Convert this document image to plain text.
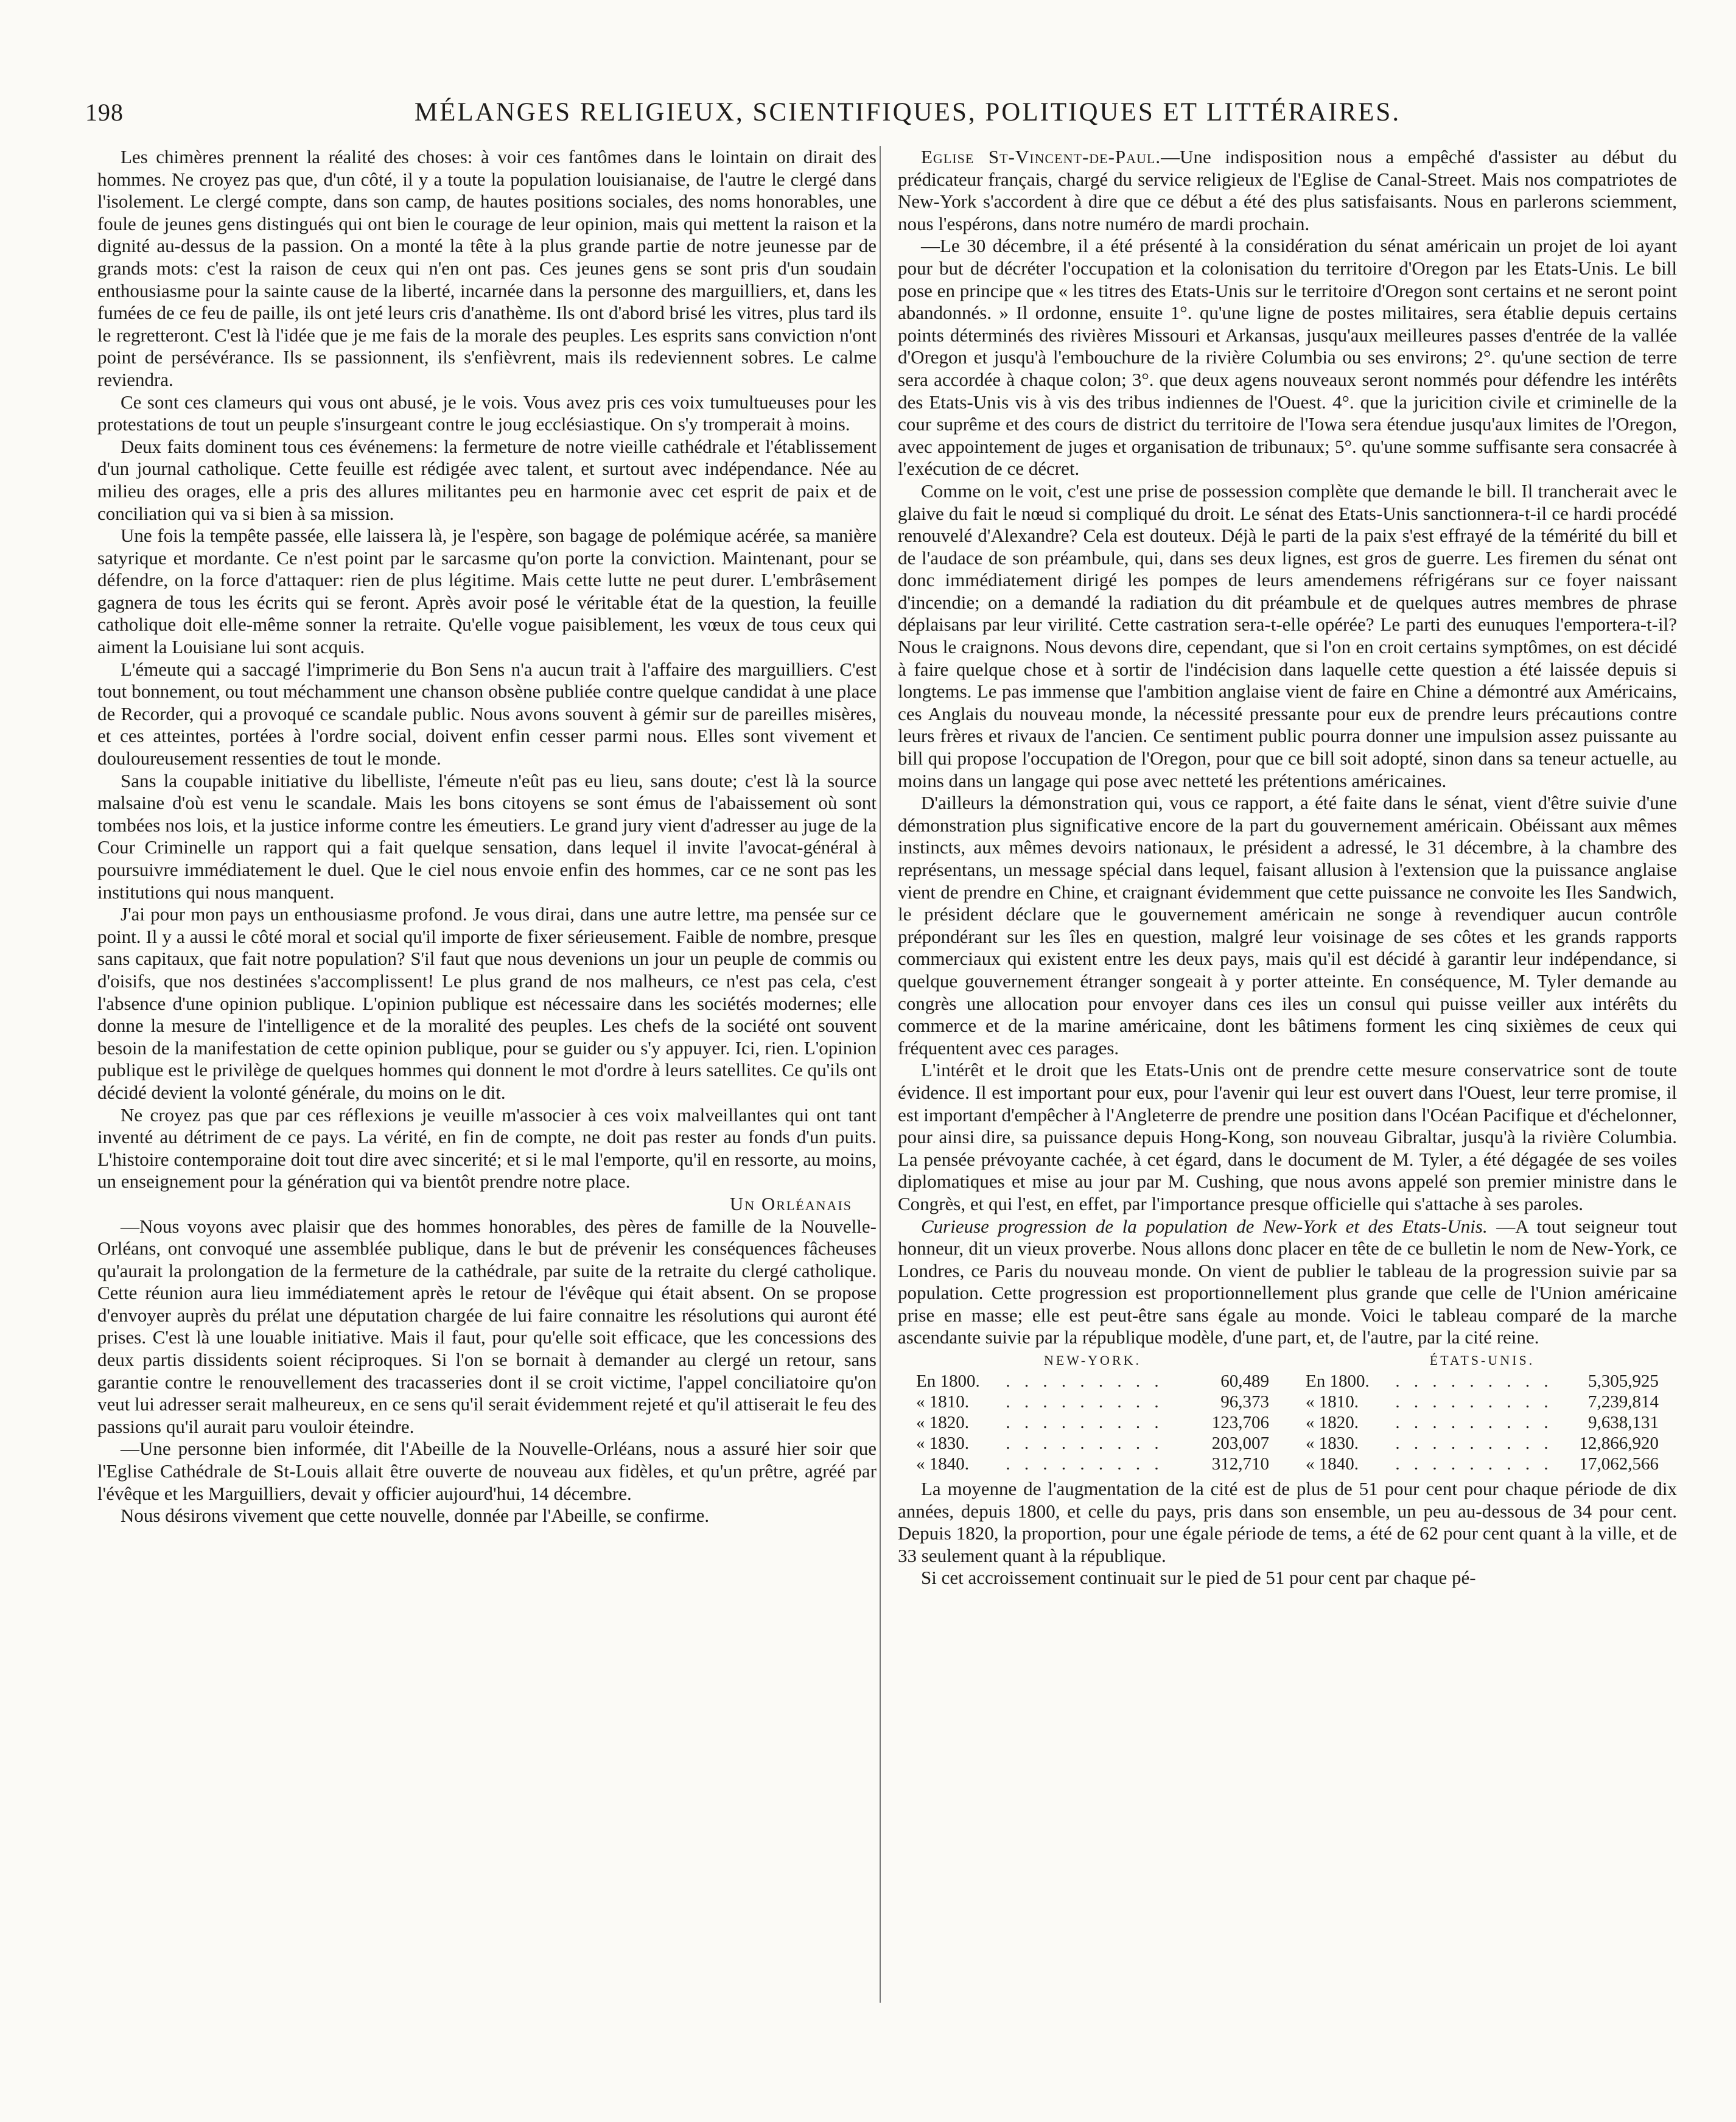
198	MÉLANGES RELIGIEUX, SCIENTIFIQUES, POLITIQUES ET LITTÉRAIRES.

Les chimères prennent la réalité des choses: à voir ces fantômes dans le lointain on dirait des hommes. Ne croyez pas que, d'un côté, il y a toute la population louisianaise, de l'autre le clergé dans l'isolement. Le clergé compte, dans son camp, de hautes positions sociales, des noms honorables, une foule de jeunes gens distingués qui ont bien le courage de leur opinion, mais qui mettent la raison et la dignité au-dessus de la passion. On a monté la tête à la plus grande partie de notre jeunesse par de grands mots: c'est la raison de ceux qui n'en ont pas. Ces jeunes gens se sont pris d'un soudain enthousiasme pour la sainte cause de la liberté, incarnée dans la personne des marguilliers, et, dans les fumées de ce feu de paille, ils ont jeté leurs cris d'anathème. Ils ont d'abord brisé les vitres, plus tard ils le regretteront. C'est là l'idée que je me fais de la morale des peuples. Les esprits sans conviction n'ont point de persévérance. Ils se passionnent, ils s'enfièvrent, mais ils redeviennent sobres. Le calme reviendra.

Ce sont ces clameurs qui vous ont abusé, je le vois. Vous avez pris ces voix tumultueuses pour les protestations de tout un peuple s'insurgeant contre le joug ecclésiastique. On s'y tromperait à moins.

Deux faits dominent tous ces événemens: la fermeture de notre vieille cathédrale et l'établissement d'un journal catholique. Cette feuille est rédigée avec talent, et surtout avec indépendance. Née au milieu des orages, elle a pris des allures militantes peu en harmonie avec cet esprit de paix et de conciliation qui va si bien à sa mission.

Une fois la tempête passée, elle laissera là, je l'espère, son bagage de polémique acérée, sa manière satyrique et mordante. Ce n'est point par le sarcasme qu'on porte la conviction. Maintenant, pour se défendre, on la force d'attaquer: rien de plus légitime. Mais cette lutte ne peut durer. L'embrâsement gagnera de tous les écrits qui se feront. Après avoir posé le véritable état de la question, la feuille catholique doit elle-même sonner la retraite. Qu'elle vogue paisiblement, les vœux de tous ceux qui aiment la Louisiane lui sont acquis.

L'émeute qui a saccagé l'imprimerie du Bon Sens n'a aucun trait à l'affaire des marguilliers. C'est tout bonnement, ou tout méchamment une chanson obsène publiée contre quelque candidat à une place de Recorder, qui a provoqué ce scandale public. Nous avons souvent à gémir sur de pareilles misères, et ces atteintes, portées à l'ordre social, doivent enfin cesser parmi nous. Elles sont vivement et douloureusement ressenties de tout le monde.

Sans la coupable initiative du libelliste, l'émeute n'eût pas eu lieu, sans doute; c'est là la source malsaine d'où est venu le scandale. Mais les bons citoyens se sont émus de l'abaissement où sont tombées nos lois, et la justice informe contre les émeutiers. Le grand jury vient d'adresser au juge de la Cour Criminelle un rapport qui a fait quelque sensation, dans lequel il invite l'avocat-général à poursuivre immédiatement le duel. Que le ciel nous envoie enfin des hommes, car ce ne sont pas les institutions qui nous manquent.

J'ai pour mon pays un enthousiasme profond. Je vous dirai, dans une autre lettre, ma pensée sur ce point. Il y a aussi le côté moral et social qu'il importe de fixer sérieusement. Faible de nombre, presque sans capitaux, que fait notre population? S'il faut que nous devenions un jour un peuple de commis ou d'oisifs, que nos destinées s'accomplissent! Le plus grand de nos malheurs, ce n'est pas cela, c'est l'absence d'une opinion publique. L'opinion publique est nécessaire dans les sociétés modernes; elle donne la mesure de l'intelligence et de la moralité des peuples. Les chefs de la société ont souvent besoin de la manifestation de cette opinion publique, pour se guider ou s'y appuyer. Ici, rien. L'opinion publique est le privilège de quelques hommes qui donnent le mot d'ordre à leurs satellites. Ce qu'ils ont décidé devient la volonté générale, du moins on le dit.

Ne croyez pas que par ces réflexions je veuille m'associer à ces voix malveillantes qui ont tant inventé au détriment de ce pays. La vérité, en fin de compte, ne doit pas rester au fonds d'un puits. L'histoire contemporaine doit tout dire avec sincerité; et si le mal l'emporte, qu'il en ressorte, au moins, un enseignement pour la génération qui va bientôt prendre notre place.

Un Orléanais

—Nous voyons avec plaisir que des hommes honorables, des pères de famille de la Nouvelle-Orléans, ont convoqué une assemblée publique, dans le but de prévenir les conséquences fâcheuses qu'aurait la prolongation de la fermeture de la cathédrale, par suite de la retraite du clergé catholique. Cette réunion aura lieu immédiatement après le retour de l'évêque qui était absent. On se propose d'envoyer auprès du prélat une députation chargée de lui faire connaitre les résolutions qui auront été prises. C'est là une louable initiative. Mais il faut, pour qu'elle soit efficace, que les concessions des deux partis dissidents soient réciproques. Si l'on se bornait à demander au clergé un retour, sans garantie contre le renouvellement des tracasseries dont il se croit victime, l'appel conciliatoire qu'on veut lui adresser serait malheureux, en ce sens qu'il serait évidemment rejeté et qu'il attiserait le feu des passions qu'il aurait paru vouloir éteindre.

—Une personne bien informée, dit l'Abeille de la Nouvelle-Orléans, nous a assuré hier soir que l'Eglise Cathédrale de St-Louis allait être ouverte de nouveau aux fidèles, et qu'un prêtre, agréé par l'évêque et les Marguilliers, devait y officier aujourd'hui, 14 décembre.

Nous désirons vivement que cette nouvelle, donnée par l'Abeille, se confirme.

Eglise St-Vincent-de-Paul.—Une indisposition nous a empêché d'assister au début du prédicateur français, chargé du service religieux de l'Eglise de Canal-Street. Mais nos compatriotes de New-York s'accordent à dire que ce début a été des plus satisfaisants. Nous en parlerons sciemment, nous l'espérons, dans notre numéro de mardi prochain.

—Le 30 décembre, il a été présenté à la considération du sénat américain un projet de loi ayant pour but de décréter l'occupation et la colonisation du territoire d'Oregon par les Etats-Unis. Le bill pose en principe que « les titres des Etats-Unis sur le territoire d'Oregon sont certains et ne seront point abandonnés. » Il ordonne, ensuite 1°. qu'une ligne de postes militaires, sera établie depuis certains points déterminés des rivières Missouri et Arkansas, jusqu'aux meilleures passes d'entrée de la vallée d'Oregon et jusqu'à l'embouchure de la rivière Columbia ou ses environs; 2°. qu'une section de terre sera accordée à chaque colon; 3°. que deux agens nouveaux seront nommés pour défendre les intérêts des Etats-Unis vis à vis des tribus indiennes de l'Ouest. 4°. que la juricition civile et criminelle de la cour suprême et des cours de district du territoire de l'Iowa sera étendue jusqu'aux limites de l'Oregon, avec appointement de juges et organisation de tribunaux; 5°. qu'une somme suffisante sera consacrée à l'exécution de ce décret.

Comme on le voit, c'est une prise de possession complète que demande le bill. Il trancherait avec le glaive du fait le nœud si compliqué du droit. Le sénat des Etats-Unis sanctionnera-t-il ce hardi procédé renouvelé d'Alexandre? Cela est douteux. Déjà le parti de la paix s'est effrayé de la témérité du bill et de l'audace de son préambule, qui, dans ses deux lignes, est gros de guerre. Les firemen du sénat ont donc immédiatement dirigé les pompes de leurs amendemens réfrigérans sur ce foyer naissant d'incendie; on a demandé la radiation du dit préambule et de quelques autres membres de phrase déplaisans par leur virilité. Cette castration sera-t-elle opérée? Le parti des eunuques l'emportera-t-il? Nous le craignons. Nous devons dire, cependant, que si l'on en croit certains symptômes, on est décidé à faire quelque chose et à sortir de l'indécision dans laquelle cette question a été laissée depuis si longtems. Le pas immense que l'ambition anglaise vient de faire en Chine a démontré aux Américains, ces Anglais du nouveau monde, la nécessité pressante pour eux de prendre leurs précautions contre leurs frères et rivaux de l'ancien. Ce sentiment public pourra donner une impulsion assez puissante au bill qui propose l'occupation de l'Oregon, pour que ce bill soit adopté, sinon dans sa teneur actuelle, au moins dans un langage qui pose avec netteté les prétentions américaines.

D'ailleurs la démonstration qui, vous ce rapport, a été faite dans le sénat, vient d'être suivie d'une démonstration plus significative encore de la part du gouvernement américain. Obéissant aux mêmes instincts, aux mêmes devoirs nationaux, le président a adressé, le 31 décembre, à la chambre des représentans, un message spécial dans lequel, faisant allusion à l'extension que la puissance anglaise vient de prendre en Chine, et craignant évidemment que cette puissance ne convoite les Iles Sandwich, le président déclare que le gouvernement américain ne songe à revendiquer aucun contrôle prépondérant sur les îles en question, malgré leur voisinage de ses côtes et les grands rapports commerciaux qui existent entre les deux pays, mais qu'il est décidé à garantir leur indépendance, si quelque gouvernement étranger songeait à y porter atteinte. En conséquence, M. Tyler demande au congrès une allocation pour envoyer dans ces iles un consul qui puisse veiller aux intérêts du commerce et de la marine américaine, dont les bâtimens forment les cinq sixièmes de ceux qui fréquentent avec ces parages.

L'intérêt et le droit que les Etats-Unis ont de prendre cette mesure conservatrice sont de toute évidence. Il est important pour eux, pour l'avenir qui leur est ouvert dans l'Ouest, leur terre promise, il est important d'empêcher à l'Angleterre de prendre une position dans l'Océan Pacifique et d'échelonner, pour ainsi dire, sa puissance depuis Hong-Kong, son nouveau Gibraltar, jusqu'à la rivière Columbia. La pensée prévoyante cachée, à cet égard, dans le document de M. Tyler, a été dégagée de ses voiles diplomatiques et mise au jour par M. Cushing, que nous avons appelé son premier ministre dans le Congrès, et qui l'est, en effet, par l'importance presque officielle qui s'attache à ses paroles.

Curieuse progression de la population de New-York et des Etats-Unis. —A tout seigneur tout honneur, dit un vieux proverbe. Nous allons donc placer en tête de ce bulletin le nom de New-York, ce Londres, ce Paris du nouveau monde. On vient de publier le tableau de la progression suivie par sa population. Cette progression est proportionnellement plus grande que celle de l'Union américaine prise en masse; elle est peut-être sans égale au monde. Voici le tableau comparé de la marche ascendante suivie par la république modèle, d'une part, et, de l'autre, par la cité reine.

NEW-YORK.	ÉTATS-UNIS.
En 1800.	. . . . . . . . .	60,489	En 1800.	. . . . . . . . .	5,305,925
« 1810.	. . . . . . . . .	96,373	« 1810.	. . . . . . . . .	7,239,814
« 1820.	. . . . . . . . .	123,706	« 1820.	. . . . . . . . .	9,638,131
« 1830.	. . . . . . . . .	203,007	« 1830.	. . . . . . . . .	12,866,920
« 1840.	. . . . . . . . .	312,710	« 1840.	. . . . . . . . .	17,062,566

La moyenne de l'augmentation de la cité est de plus de 51 pour cent pour chaque période de dix années, depuis 1800, et celle du pays, pris dans son ensemble, un peu au-dessous de 34 pour cent. Depuis 1820, la proportion, pour une égale période de tems, a été de 62 pour cent quant à la ville, et de 33 seulement quant à la république.

Si cet accroissement continuait sur le pied de 51 pour cent par chaque pé-
